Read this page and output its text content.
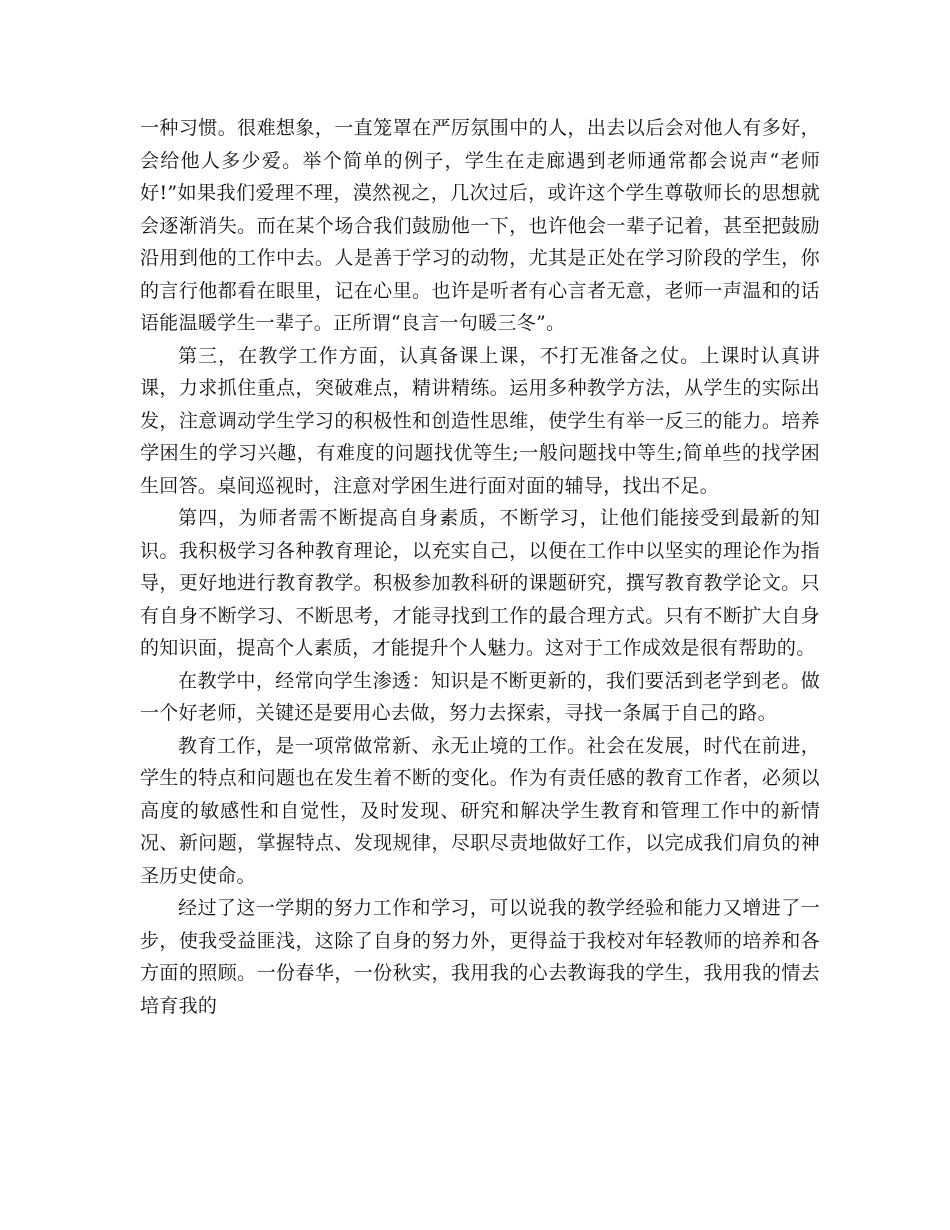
一种习惯。很难想象，一直笼罩在严厉氛围中的人，出去以后会对他人有多好，会给他人多少爱。举个简单的例子，学生在走廊遇到老师通常都会说声“老师好!”如果我们爱理不理，漠然视之，几次过后，或许这个学生尊敬师长的思想就会逐渐消失。而在某个场合我们鼓励他一下，也许他会一辈子记着，甚至把鼓励沿用到他的工作中去。人是善于学习的动物，尤其是正处在学习阶段的学生，你的言行他都看在眼里，记在心里。也许是听者有心言者无意，老师一声温和的话语能温暖学生一辈子。正所谓“良言一句暖三冬”。

第三，在教学工作方面，认真备课上课，不打无准备之仗。上课时认真讲课，力求抓住重点，突破难点，精讲精练。运用多种教学方法，从学生的实际出发，注意调动学生学习的积极性和创造性思维，使学生有举一反三的能力。培养学困生的学习兴趣，有难度的问题找优等生;一般问题找中等生;简单些的找学困生回答。桌间巡视时，注意对学困生进行面对面的辅导，找出不足。

第四，为师者需不断提高自身素质，不断学习，让他们能接受到最新的知识。我积极学习各种教育理论，以充实自己，以便在工作中以坚实的理论作为指导，更好地进行教育教学。积极参加教科研的课题研究，撰写教育教学论文。只有自身不断学习、不断思考，才能寻找到工作的最合理方式。只有不断扩大自身的知识面，提高个人素质，才能提升个人魅力。这对于工作成效是很有帮助的。

在教学中，经常向学生渗透：知识是不断更新的，我们要活到老学到老。做一个好老师，关键还是要用心去做，努力去探索，寻找一条属于自己的路。

教育工作，是一项常做常新、永无止境的工作。社会在发展，时代在前进，学生的特点和问题也在发生着不断的变化。作为有责任感的教育工作者，必须以高度的敏感性和自觉性，及时发现、研究和解决学生教育和管理工作中的新情况、新问题，掌握特点、发现规律，尽职尽责地做好工作，以完成我们肩负的神圣历史使命。

经过了这一学期的努力工作和学习，可以说我的教学经验和能力又增进了一步，使我受益匪浅，这除了自身的努力外，更得益于我校对年轻教师的培养和各方面的照顾。一份春华，一份秋实，我用我的心去教诲我的学生，我用我的情去培育我的
